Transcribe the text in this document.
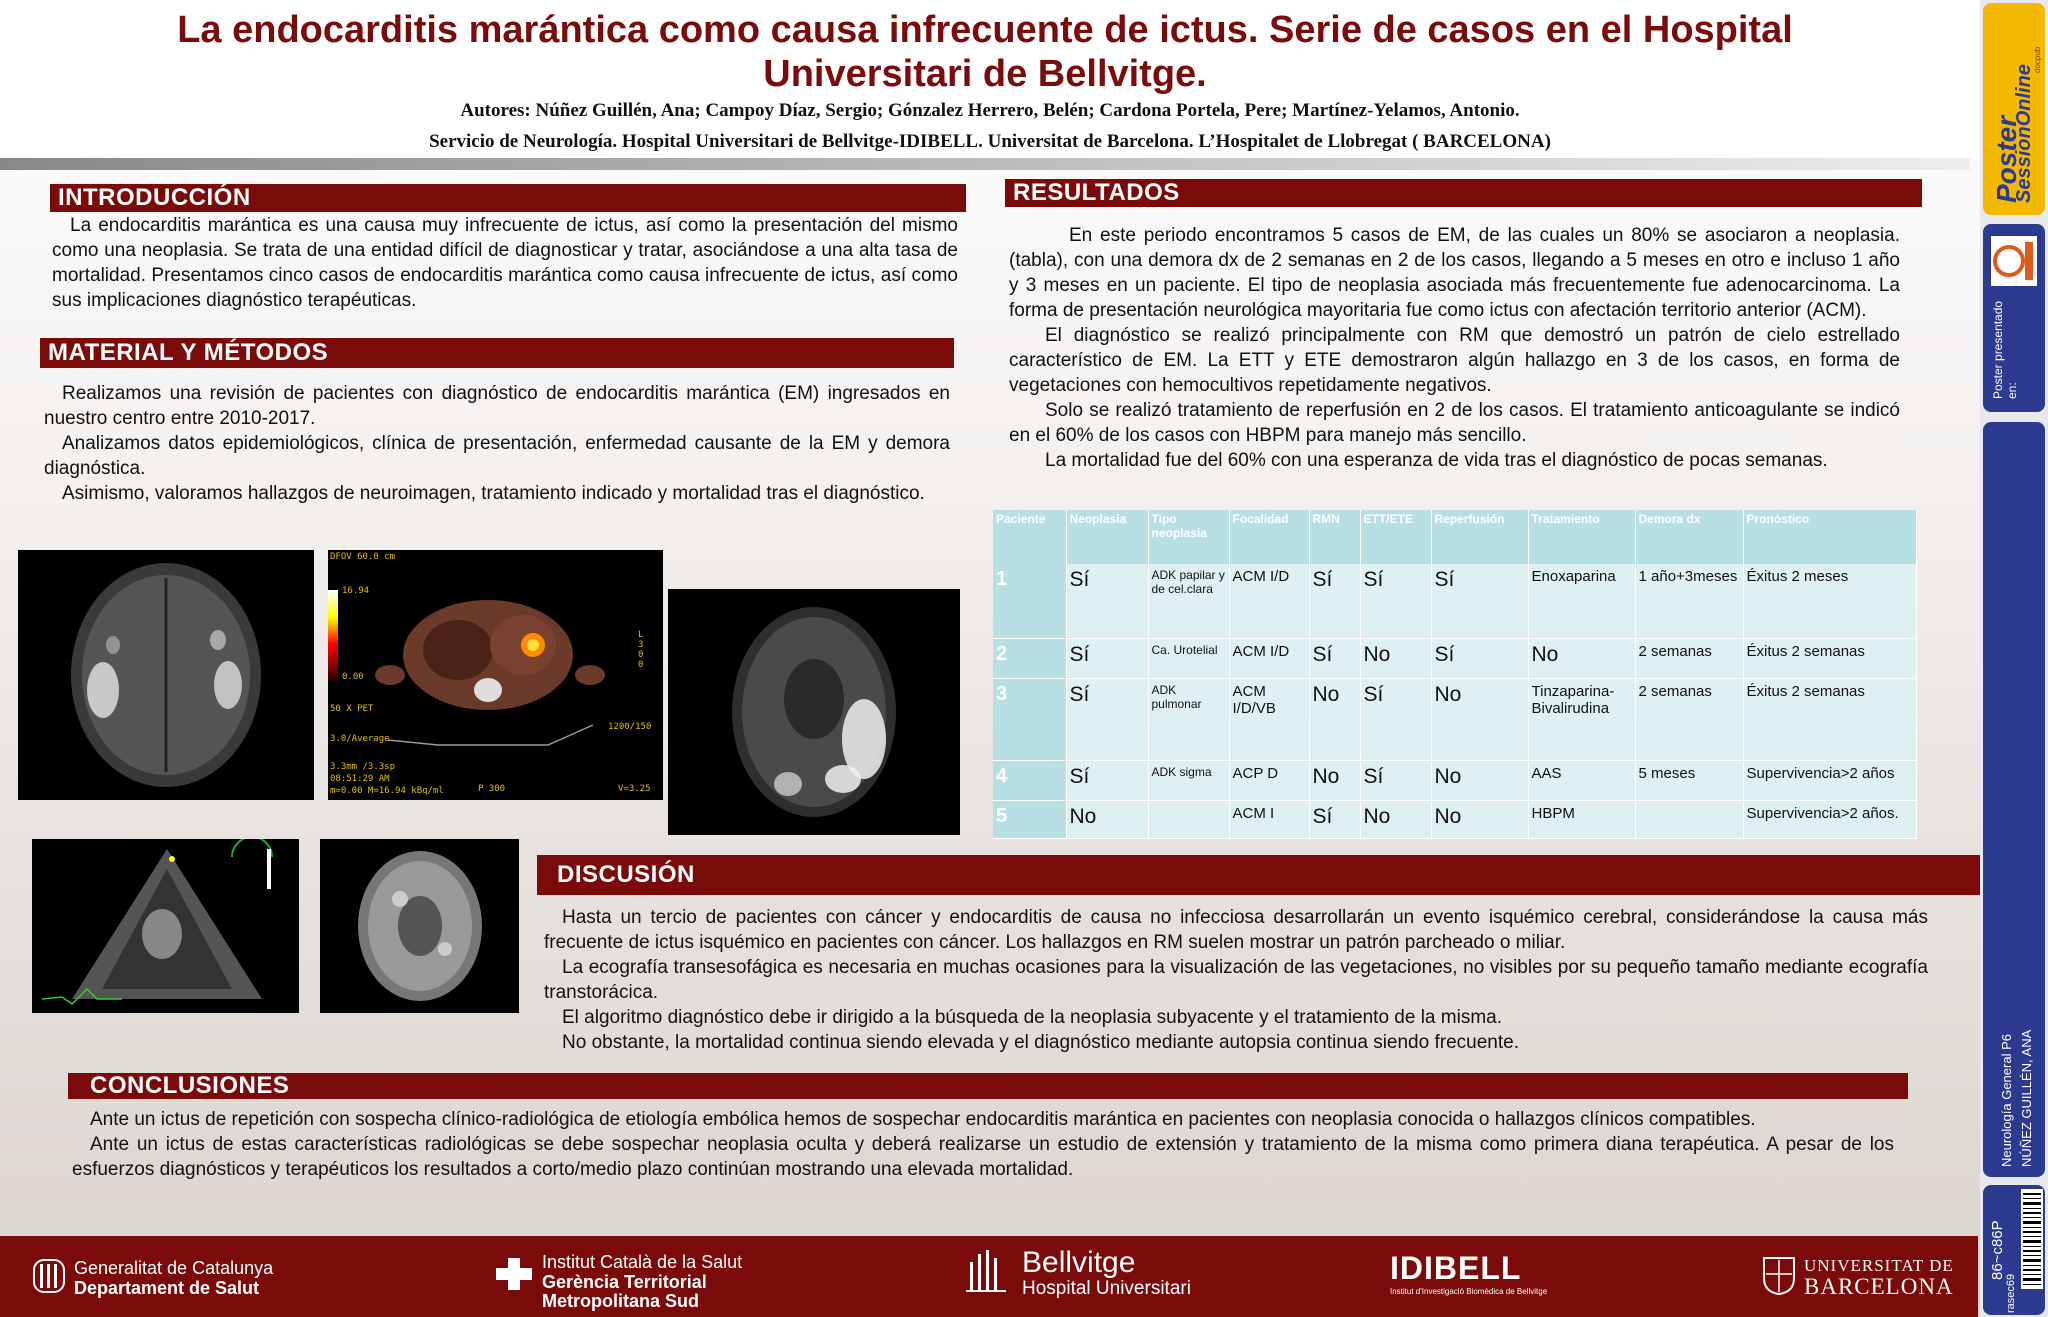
La endocarditis marántica como causa infrecuente de ictus. Serie de casos en el Hospital Universitari de Bellvitge.
Autores: Núñez Guillén, Ana; Campoy Díaz, Sergio; Gónzalez Herrero, Belén; Cardona Portela, Pere; Martínez-Yelamos, Antonio.
Servicio de Neurología. Hospital Universitari de Bellvitge-IDIBELL. Universitat de Barcelona. L’Hospitalet de Llobregat ( BARCELONA)
INTRODUCCIÓN

La endocarditis marántica es una causa muy infrecuente de ictus, así como la presentación del mismo como una neoplasia. Se trata de una entidad difícil de diagnosticar y tratar, asociándose a una alta tasa de mortalidad. Presentamos cinco casos de endocarditis marántica como causa infrecuente de ictus, así como sus implicaciones diagnóstico terapéuticas.

MATERIAL Y MÉTODOS

Realizamos una revisión de pacientes con diagnóstico de endocarditis marántica (EM) ingresados en nuestro centro entre 2010-2017.

Analizamos datos epidemiológicos, clínica de presentación, enfermedad causante de la EM y demora diagnóstica.

Asimismo, valoramos hallazgos de neuroimagen, tratamiento indicado y mortalidad tras el diagnóstico.

DFOV 60.0 cm
16.94
0.00
50 X PET
3.0/Average
3.3mm /3.3sp
08:51:29 AM
m=0.00 M=16.94 kBq/ml	P 300
1200/150
V=3.25
L 3 0 0
RESULTADOS

En este periodo encontramos 5 casos de EM, de las cuales un 80% se asociaron a neoplasia. (tabla), con una demora dx de 2 semanas en 2 de los casos, llegando a 5 meses en otro e incluso 1 año y 3 meses en un paciente. El tipo de neoplasia asociada más frecuentemente fue adenocarcinoma. La forma de presentación neurológica mayoritaria fue como ictus con afectación territorio anterior (ACM).

El diagnóstico se realizó principalmente con RM que demostró un patrón de cielo estrellado característico de EM. La ETT y ETE demostraron algún hallazgo en 3 de los casos, en forma de vegetaciones con hemocultivos repetidamente negativos.

Solo se realizó tratamiento de reperfusión en 2 de los casos. El tratamiento anticoagulante se indicó en el 60% de los casos con HBPM para manejo más sencillo.

La mortalidad fue del 60% con una esperanza de vida tras el diagnóstico de pocas semanas.

Paciente	Neoplasia	Tipo neoplasia	Focalidad	RMN	ETT/ETE	Reperfusión	Tratamiento	Demora dx	Pronóstico
1	Sí	ADK papilar y de cel.clara	ACM I/D	Sí	Sí	Sí	Enoxaparina	1 año+3meses	Éxitus 2 meses
2	Sí	Ca. Urotelial	ACM I/D	Sí	No	Sí	No	2 semanas	Éxitus 2 semanas
3	Sí	ADK pulmonar	ACM I/D/VB	No	Sí	No	Tinzaparina-Bivalirudina	2 semanas	Éxitus 2 semanas
4	Sí	ADK sigma	ACP D	No	Sí	No	AAS	5 meses	Supervivencia>2 años
5	No		ACM I	Sí	No	No	HBPM		Supervivencia>2 años.
DISCUSIÓN

Hasta un tercio de pacientes con cáncer y endocarditis de causa no infecciosa desarrollarán un evento isquémico cerebral, considerándose la causa más frecuente de ictus isquémico en pacientes con cáncer. Los hallazgos en RM suelen mostrar un patrón parcheado o miliar.

La ecografía transesofágica es necesaria en muchas ocasiones para la visualización de las vegetaciones, no visibles por su pequeño tamaño mediante ecografía transtorácica.

El algoritmo diagnóstico debe ir dirigido a la búsqueda de la neoplasia subyacente y el tratamiento de la misma.

No obstante, la mortalidad continua siendo elevada y el diagnóstico mediante autopsia continua siendo frecuente.

CONCLUSIONES

Ante un ictus de repetición con sospecha clínico-radiológica de etiología embólica hemos de sospechar endocarditis marántica en pacientes con neoplasia conocida o hallazgos clínicos compatibles.

Ante un ictus de estas características radiológicas se debe sospechar neoplasia oculta y deberá realizarse un estudio de extensión y tratamiento de la misma como primera diana terapéutica. A pesar de los esfuerzos diagnósticos y terapéuticos los resultados a corto/medio plazo continúan mostrando una elevada mortalidad.

Generalitat de Catalunya
Departament de Salut
Institut Català de la Salut
Gerència Territorial
Metropolitana Sud
Bellvitge
Hospital Universitari
IDIBELL
Institut d'Investigació Biomèdica de Bellvitge
UNIVERSITAT DE
BARCELONA
Poster
SessionOnline
docpub
Poster presentado en:
Neurología General P6 NÚÑEZ GUILLÉN, ANA
86~c86P
rasec69
